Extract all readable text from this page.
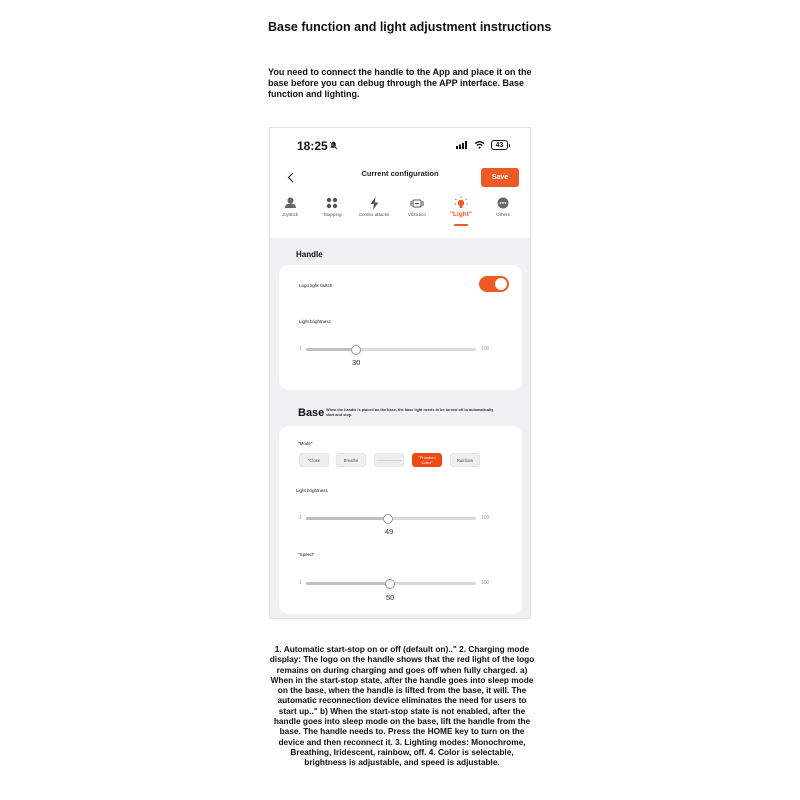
Base function and light adjustment instructions
You need to connect the handle to the App and place it on the base before you can debug through the APP interface. Base function and lighting.
18:25	43
Current configuration	Save
Joystick	"Mapping	Combo attacks	Vibration	"Light"	Others
Handle
Logo light switch
Light brightness
1	100
30
Base When the handle is placed on the base, the base light needs to be turned off to automatically start and stop.
"Mode"
"Close	Breathe	——————	"Phantom Color"	Rainbow
Light brightness
1	100
49
"Speed"
1	100
50
1. Automatic start-stop on or off (default on).." 2. Charging mode display: The logo on the handle shows that the red light of the logo remains on during charging and goes off when fully charged. a) When in the start-stop state, after the handle goes into sleep mode on the base, when the handle is lifted from the base, it will. The automatic reconnection device eliminates the need for users to start up.." b) When the start-stop state is not enabled, after the handle goes into sleep mode on the base, lift the handle from the base. The handle needs to. Press the HOME key to turn on the device and then reconnect it. 3. Lighting modes: Monochrome, Breathing, Iridescent, rainbow, off. 4. Color is selectable, brightness is adjustable, and speed is adjustable.
